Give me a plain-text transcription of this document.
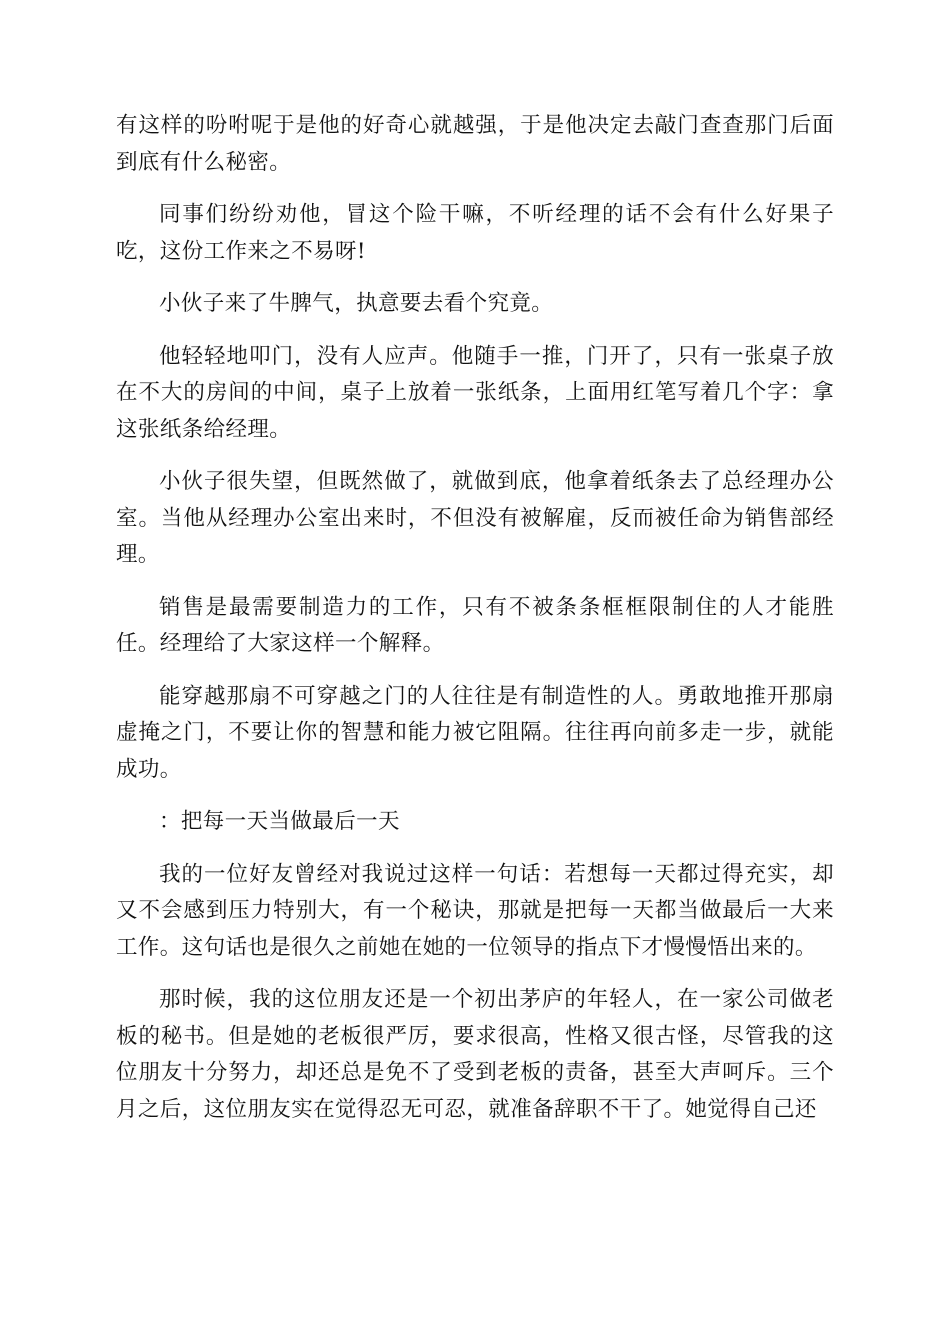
有这样的吩咐呢于是他的好奇心就越强，于是他决定去敲门查查那门后面到底有什么秘密。

同事们纷纷劝他，冒这个险干嘛，不听经理的话不会有什么好果子吃，这份工作来之不易呀!

小伙子来了牛脾气，执意要去看个究竟。

他轻轻地叩门，没有人应声。他随手一推，门开了，只有一张桌子放在不大的房间的中间，桌子上放着一张纸条，上面用红笔写着几个字：拿这张纸条给经理。

小伙子很失望，但既然做了，就做到底，他拿着纸条去了总经理办公室。当他从经理办公室出来时，不但没有被解雇，反而被任命为销售部经理。

销售是最需要制造力的工作，只有不被条条框框限制住的人才能胜任。经理给了大家这样一个解释。

能穿越那扇不可穿越之门的人往往是有制造性的人。勇敢地推开那扇虚掩之门，不要让你的智慧和能力被它阻隔。往往再向前多走一步，就能成功。

：把每一天当做最后一天

我的一位好友曾经对我说过这样一句话：若想每一天都过得充实，却又不会感到压力特别大，有一个秘诀，那就是把每一天都当做最后一大来工作。这句话也是很久之前她在她的一位领导的指点下才慢慢悟出来的。

那时候，我的这位朋友还是一个初出茅庐的年轻人，在一家公司做老板的秘书。但是她的老板很严厉，要求很高，性格又很古怪，尽管我的这位朋友十分努力，却还总是免不了受到老板的责备，甚至大声呵斥。三个月之后，这位朋友实在觉得忍无可忍，就准备辞职不干了。她觉得自己还
